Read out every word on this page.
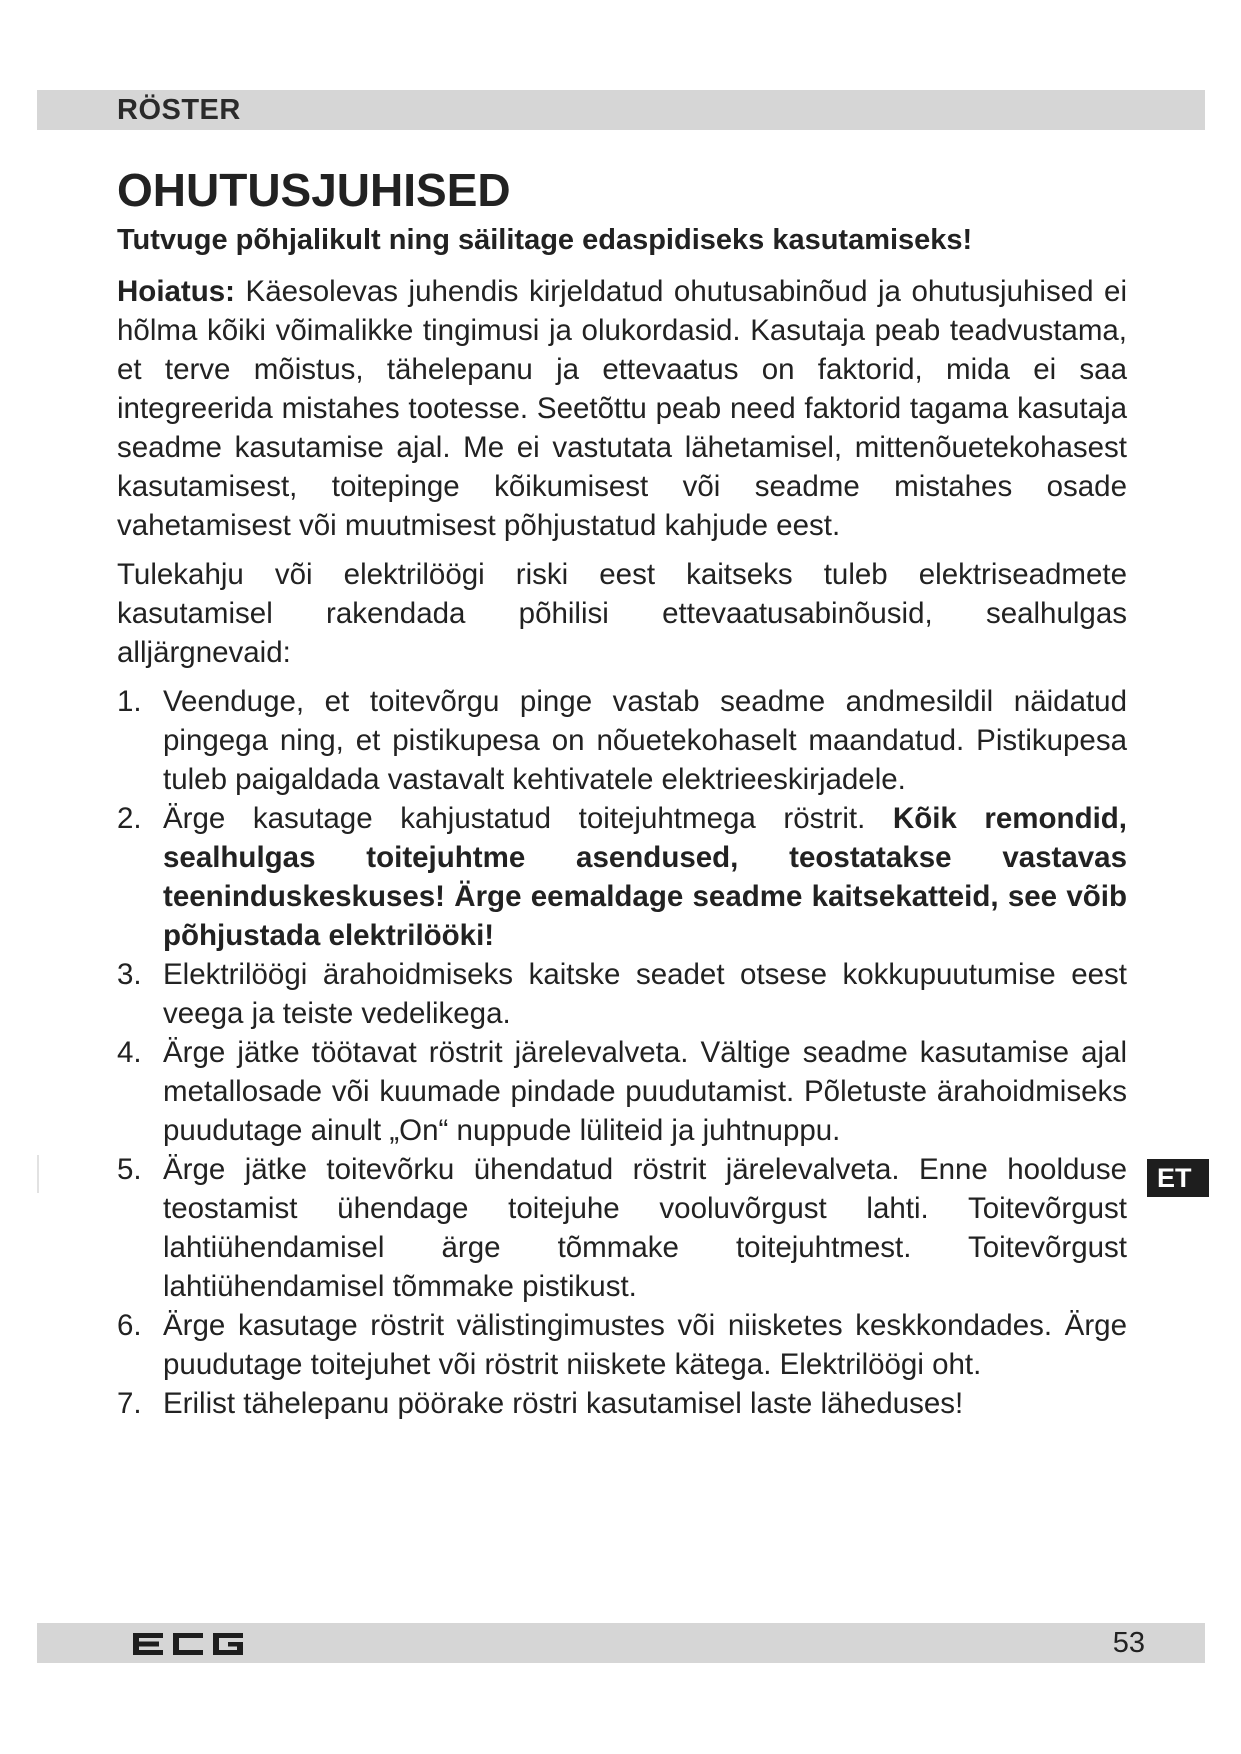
RÖSTER
OHUTUSJUHISED

Tutvuge põhjalikult ning säilitage edaspidiseks kasutamiseks!

Hoiatus: Käesolevas juhendis kirjeldatud ohutusabinõud ja ohutusjuhised ei hõlma kõiki võimalikke tingimusi ja olukordasid. Kasutaja peab teadvustama, et terve mõistus, tähelepanu ja ettevaatus on faktorid, mida ei saa integreerida mistahes tootesse. Seetõttu peab need faktorid tagama kasutaja seadme kasutamise ajal. Me ei vastutata lähetamisel, mittenõuetekohasest kasutamisest, toitepinge kõikumisest või seadme mistahes osade vahetamisest või muutmisest põhjustatud kahjude eest.

Tulekahju või elektrilöögi riski eest kaitseks tuleb elektriseadmete kasutamisel rakendada põhilisi ettevaatusabinõusid, sealhulgas alljärgnevaid:

1. Veenduge, et toitevõrgu pinge vastab seadme andmesildil näidatud pingega ning, et pistikupesa on nõuetekohaselt maandatud. Pistikupesa tuleb paigaldada vastavalt kehtivatele elektrieeskirjadele.
2. Ärge kasutage kahjustatud toitejuhtmega röstrit. Kõik remondid, sealhulgas toitejuhtme asendused, teostatakse vastavas teeninduskeskuses! Ärge eemaldage seadme kaitsekatteid, see võib põhjustada elektrilööki!
3. Elektrilöögi ärahoidmiseks kaitske seadet otsese kokkupuutumise eest veega ja teiste vedelikega.
4. Ärge jätke töötavat röstrit järelevalveta. Vältige seadme kasutamise ajal metallosade või kuumade pindade puudutamist. Põletuste ärahoidmiseks puudutage ainult „On“ nuppude lüliteid ja juhtnuppu.
5. Ärge jätke toitevõrku ühendatud röstrit järelevalveta. Enne hoolduse teostamist ühendage toitejuhe vooluvõrgust lahti. Toitevõrgust lahtiühendamisel ärge tõmmake toitejuhtmest. Toitevõrgust lahtiühendamisel tõmmake pistikust.
6. Ärge kasutage röstrit välistingimustes või niisketes keskkondades. Ärge puudutage toitejuhet või röstrit niiskete kätega. Elektrilöögi oht.
7. Erilist tähelepanu pöörake röstri kasutamisel laste läheduses!
ET
53
